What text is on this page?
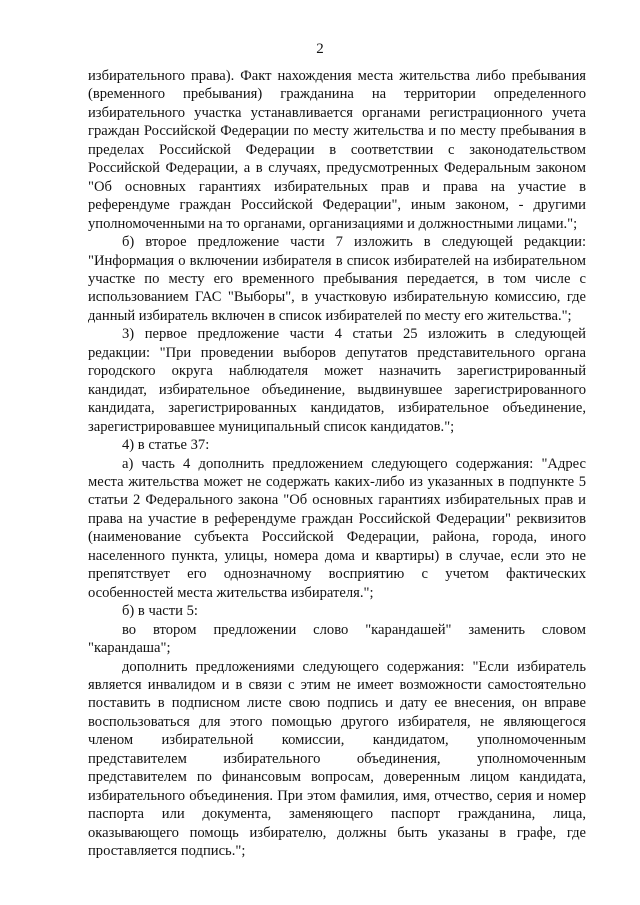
2

избирательного права). Факт нахождения места жительства либо пребывания (временного пребывания) гражданина на территории определенного избирательного участка устанавливается органами регистрационного учета граждан Российской Федерации по месту жительства и по месту пребывания в пределах Российской Федерации в соответствии с законодательством Российской Федерации, а в случаях, предусмотренных Федеральным законом "Об основных гарантиях избирательных прав и права на участие в референдуме граждан Российской Федерации", иным законом, - другими уполномоченными на то органами, организациями и должностными лицами.";

б) второе предложение части 7 изложить в следующей редакции: "Информация о включении избирателя в список избирателей на избирательном участке по месту его временного пребывания передается, в том числе с использованием ГАС "Выборы", в участковую избирательную комиссию, где данный избиратель включен в список избирателей по месту его жительства.";

3) первое предложение части 4 статьи 25 изложить в следующей редакции: "При проведении выборов депутатов представительного органа городского округа наблюдателя может назначить зарегистрированный кандидат, избирательное объединение, выдвинувшее зарегистрированного кандидата, зарегистрированных кандидатов, избирательное объединение, зарегистрировавшее муниципальный список кандидатов.";

4) в статье 37:

а) часть 4 дополнить предложением следующего содержания: "Адрес места жительства может не содержать каких-либо из указанных в подпункте 5 статьи 2 Федерального закона "Об основных гарантиях избирательных прав и права на участие в референдуме граждан Российской Федерации" реквизитов (наименование субъекта Российской Федерации, района, города, иного населенного пункта, улицы, номера дома и квартиры) в случае, если это не препятствует его однозначному восприятию с учетом фактических особенностей места жительства избирателя.";

б) в части 5:

во втором предложении слово "карандашей" заменить словом "карандаша";

дополнить предложениями следующего содержания: "Если избиратель является инвалидом и в связи с этим не имеет возможности самостоятельно поставить в подписном листе свою подпись и дату ее внесения, он вправе воспользоваться для этого помощью другого избирателя, не являющегося членом избирательной комиссии, кандидатом, уполномоченным представителем избирательного объединения, уполномоченным представителем по финансовым вопросам, доверенным лицом кандидата, избирательного объединения. При этом фамилия, имя, отчество, серия и номер паспорта или документа, заменяющего паспорт гражданина, лица, оказывающего помощь избирателю, должны быть указаны в графе, где проставляется подпись.";
